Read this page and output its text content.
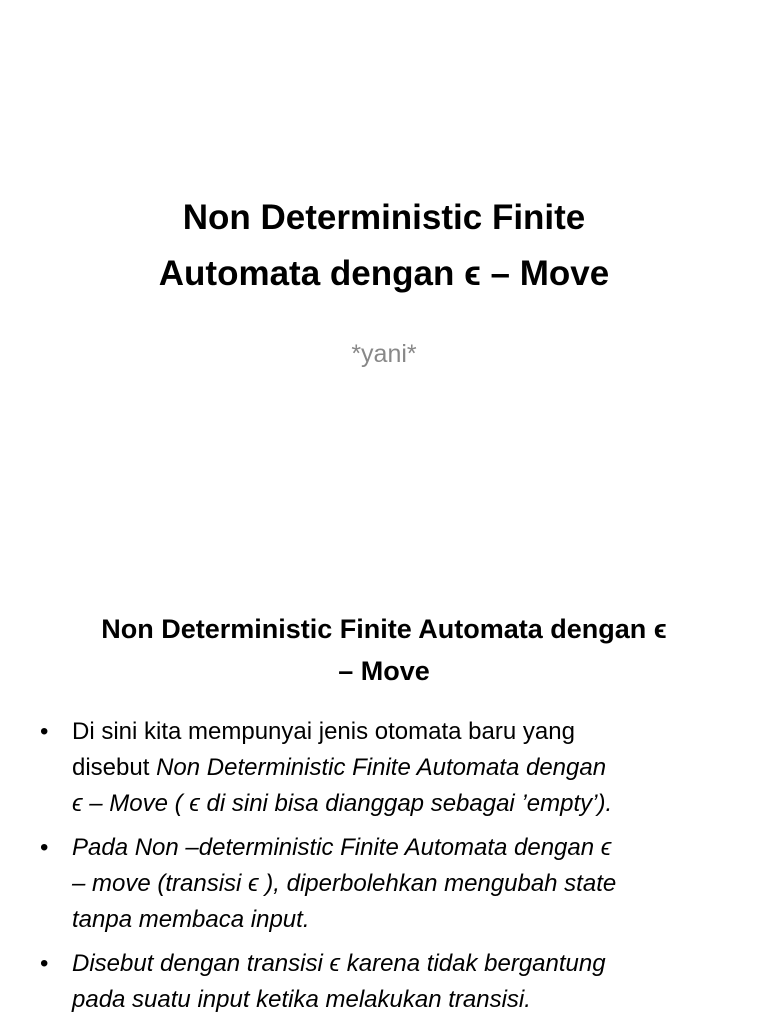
Non Deterministic Finite
Automata dengan ϵ – Move

*yani*

Non Deterministic Finite Automata dengan ϵ
– Move
• Di sini kita mempunyai jenis otomata baru yang
disebut Non Deterministic Finite Automata dengan
ϵ – Move ( ϵ di sini bisa dianggap sebagai ’empty’).
• Pada Non –deterministic Finite Automata dengan ϵ
– move (transisi ϵ ), diperbolehkan mengubah state
tanpa membaca input.
• Disebut dengan transisi ϵ karena tidak bergantung
pada suatu input ketika melakukan transisi.
